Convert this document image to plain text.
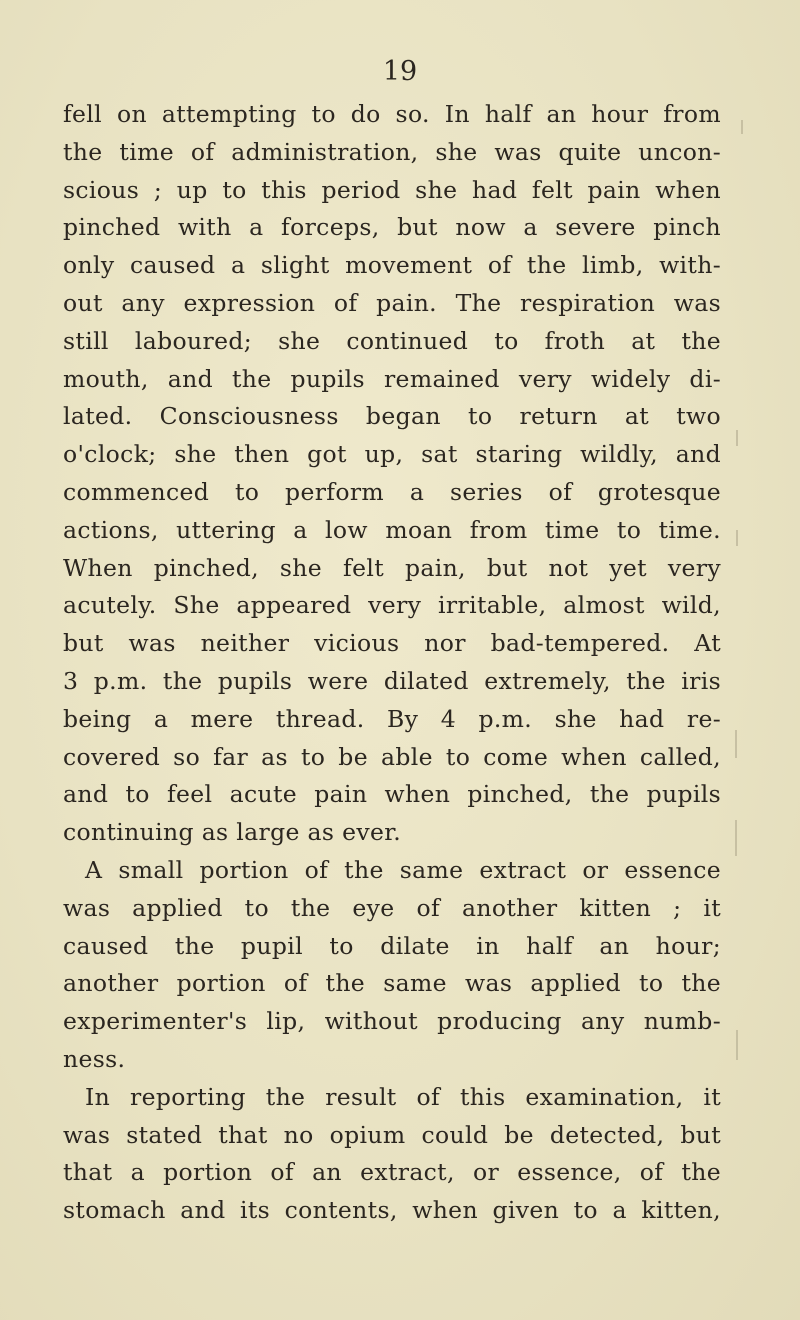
19
fell on attempting to do so. In half an hour from
the time of administration, she was quite uncon-
scious ; up to this period she had felt pain when
pinched with a forceps, but now a severe pinch
only caused a slight movement of the limb, with-
out any expression of pain. The respiration was
still laboured; she continued to froth at the
mouth, and the pupils remained very widely di-
lated. Consciousness began to return at two
o'clock; she then got up, sat staring wildly, and
commenced to perform a series of grotesque
actions, uttering a low moan from time to time.
When pinched, she felt pain, but not yet very
acutely. She appeared very irritable, almost wild,
but was neither vicious nor bad-tempered. At
3 p.m. the pupils were dilated extremely, the iris
being a mere thread. By 4 p.m. she had re-
covered so far as to be able to come when called,
and to feel acute pain when pinched, the pupils
continuing as large as ever.
A small portion of the same extract or essence
was applied to the eye of another kitten ; it
caused the pupil to dilate in half an hour;
another portion of the same was applied to the
experimenter's lip, without producing any numb-
ness.
In reporting the result of this examination, it
was stated that no opium could be detected, but
that a portion of an extract, or essence, of the
stomach and its contents, when given to a kitten,
